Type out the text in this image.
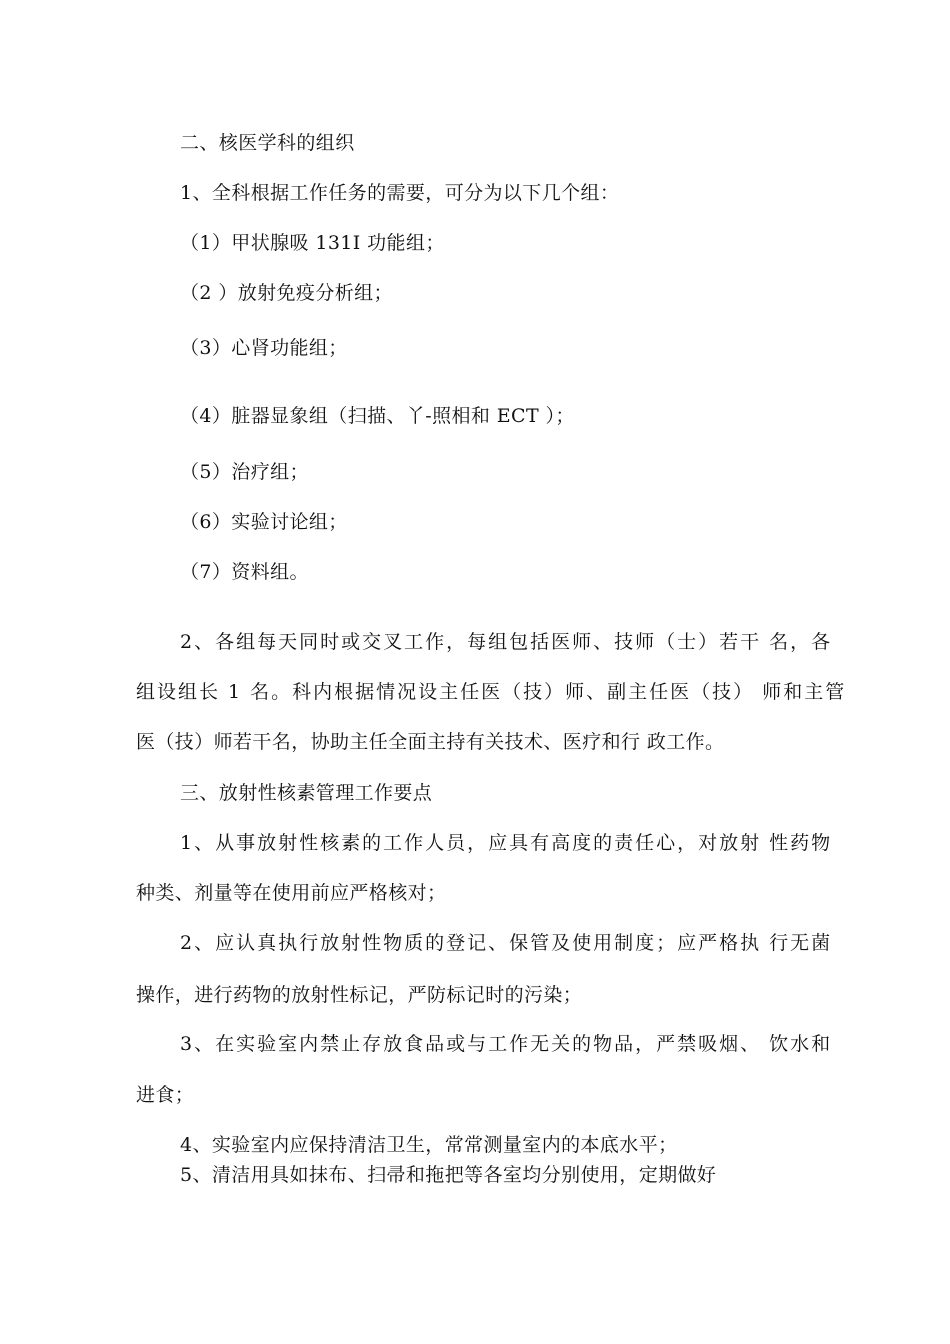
二、核医学科的组织
1、全科根据工作任务的需要，可分为以下几个组：
（1）甲状腺吸 131I 功能组；
（2 ）放射免疫分析组；
（3）心肾功能组；
（4）脏器显象组（扫描、丫-照相和 ECT ）；
（5）治疗组；
（6）实验讨论组；
（7）资料组。
2、各组每天同时或交叉工作，每组包括医师、技师（士）若干 名，各
组设组长 1 名。科内根据情况设主任医（技）师、副主任医（技） 师和主管
医（技）师若干名，协助主任全面主持有关技术、医疗和行 政工作。
三、放射性核素管理工作要点
1、从事放射性核素的工作人员，应具有高度的责任心，对放射 性药物
种类、剂量等在使用前应严格核对；
2、应认真执行放射性物质的登记、保管及使用制度；应严格执 行无菌
操作，进行药物的放射性标记，严防标记时的污染；
3、在实验室内禁止存放食品或与工作无关的物品，严禁吸烟、 饮水和
进食；
4、实验室内应保持清洁卫生，常常测量室内的本底水平；
5、清洁用具如抹布、扫帚和拖把等各室均分别使用，定期做好
